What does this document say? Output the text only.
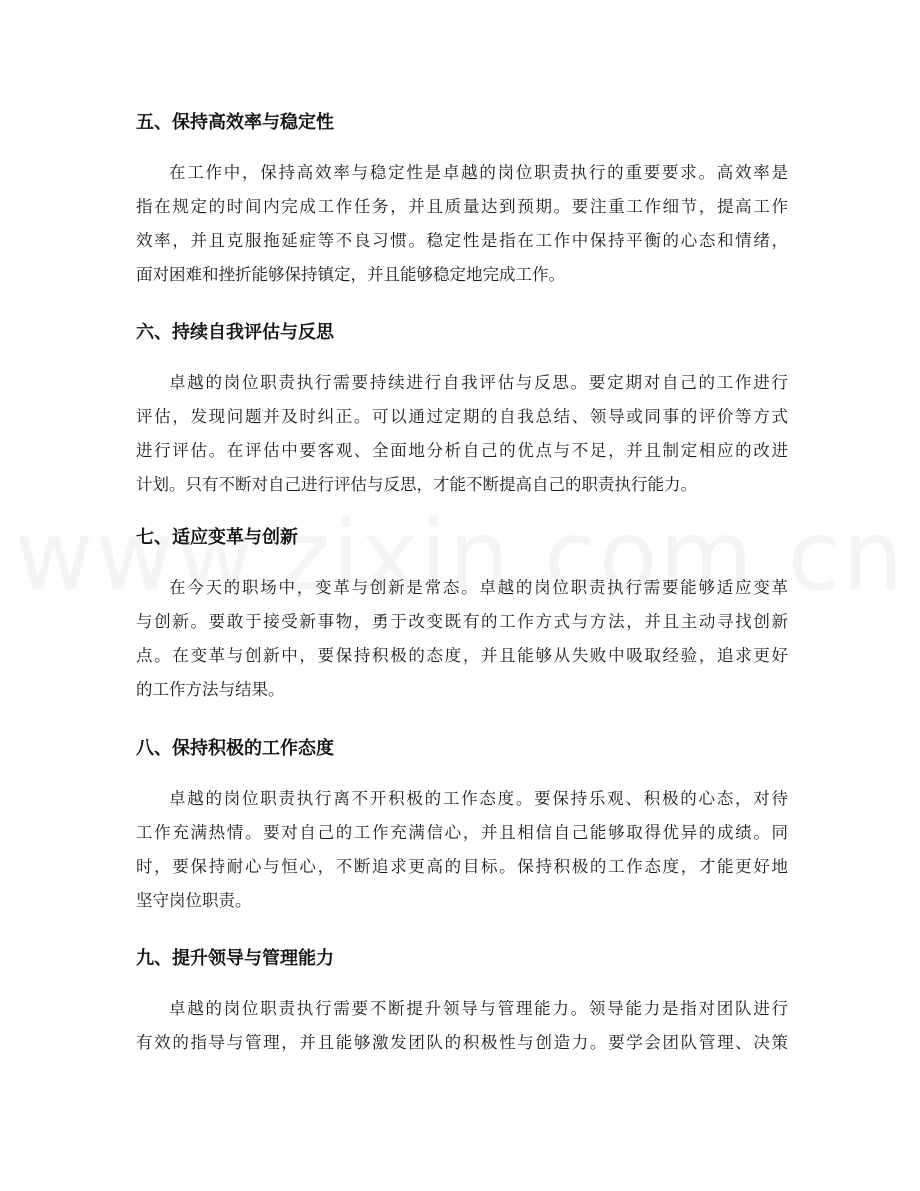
五、保持高效率与稳定性
在工作中，保持高效率与稳定性是卓越的岗位职责执行的重要要求。高效率是
指在规定的时间内完成工作任务，并且质量达到预期。要注重工作细节，提高工作
效率，并且克服拖延症等不良习惯。稳定性是指在工作中保持平衡的心态和情绪，
面对困难和挫折能够保持镇定，并且能够稳定地完成工作。
六、持续自我评估与反思
卓越的岗位职责执行需要持续进行自我评估与反思。要定期对自己的工作进行
评估，发现问题并及时纠正。可以通过定期的自我总结、领导或同事的评价等方式
进行评估。在评估中要客观、全面地分析自己的优点与不足，并且制定相应的改进
计划。只有不断对自己进行评估与反思，才能不断提高自己的职责执行能力。
七、适应变革与创新
在今天的职场中，变革与创新是常态。卓越的岗位职责执行需要能够适应变革
与创新。要敢于接受新事物，勇于改变既有的工作方式与方法，并且主动寻找创新
点。在变革与创新中，要保持积极的态度，并且能够从失败中吸取经验，追求更好
的工作方法与结果。
八、保持积极的工作态度
卓越的岗位职责执行离不开积极的工作态度。要保持乐观、积极的心态，对待
工作充满热情。要对自己的工作充满信心，并且相信自己能够取得优异的成绩。同
时，要保持耐心与恒心，不断追求更高的目标。保持积极的工作态度，才能更好地
坚守岗位职责。
九、提升领导与管理能力
卓越的岗位职责执行需要不断提升领导与管理能力。领导能力是指对团队进行
有效的指导与管理，并且能够激发团队的积极性与创造力。要学会团队管理、决策
